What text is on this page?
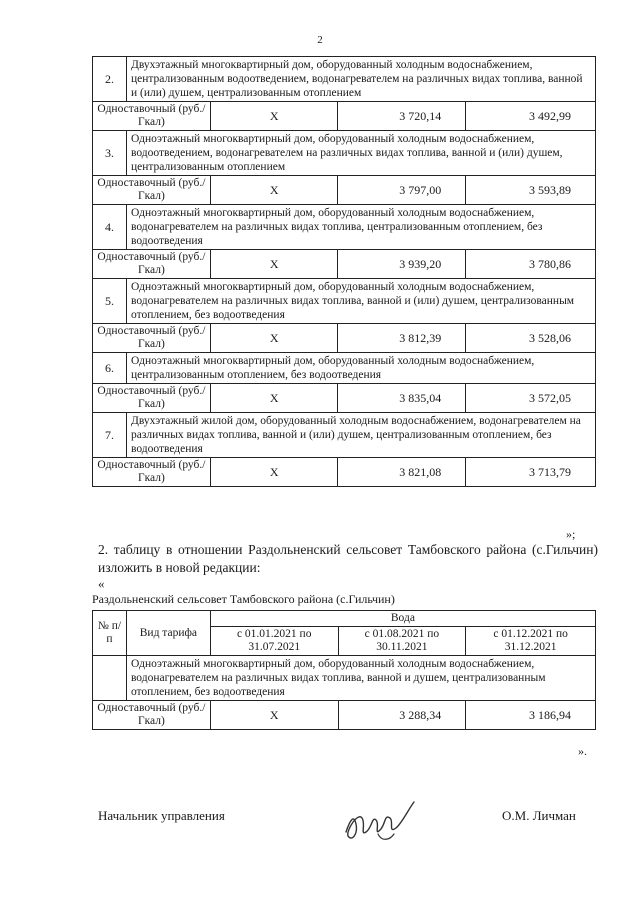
2
2.	Двухэтажный многоквартирный дом, оборудованный холодным водоснабжением, централизованным водоотведением, водонагревателем на различных видах топлива, ванной и (или) душем, централизованным отоплением			
Одноставочный (руб./Гкал)		X	3 720,14	3 492,99
3.	Одноэтажный многоквартирный дом, оборудованный холодным водоснабжением, водоотведением, водонагревателем на различных видах топлива, ванной и (или) душем, централизованным отоплением			
Одноставочный (руб./Гкал)		X	3 797,00	3 593,89
4.	Одноэтажный многоквартирный дом, оборудованный холодным водоснабжением, водонагревателем на различных видах топлива, централизованным отоплением, без водоотведения			
Одноставочный (руб./Гкал)		X	3 939,20	3 780,86
5.	Одноэтажный многоквартирный дом, оборудованный холодным водоснабжением, водонагревателем на различных видах топлива, ванной и (или) душем, централизованным отоплением, без водоотведения			
Одноставочный (руб./Гкал)		X	3 812,39	3 528,06
6.	Одноэтажный многоквартирный дом, оборудованный холодным водоснабжением, централизованным отоплением, без водоотведения			
Одноставочный (руб./Гкал)		X	3 835,04	3 572,05
7.	Двухэтажный жилой дом, оборудованный холодным водоснабжением, водонагревателем на различных видах топлива, ванной и (или) душем, централизованным отоплением, без водоотведения			
Одноставочный (руб./Гкал)		X	3 821,08	3 713,79
»;
2. таблицу в отношении Раздольненский сельсовет Тамбовского района (с.Гильчин) изложить в новой редакции:
«
Раздольненский сельсовет Тамбовского района (с.Гильчин)
№ п/п	Вид тарифа	Вода		
		с 01.01.2021 по 31.07.2021	с 01.08.2021 по 30.11.2021	с 01.12.2021 по 31.12.2021
	Одноэтажный многоквартирный дом, оборудованный холодным водоснабжением, водонагревателем на различных видах топлива, ванной и душем, централизованным отоплением, без водоотведения			
Одноставочный (руб./Гкал)		X	3 288,34	3 186,94
».
Начальник управления	О.М. Личман
